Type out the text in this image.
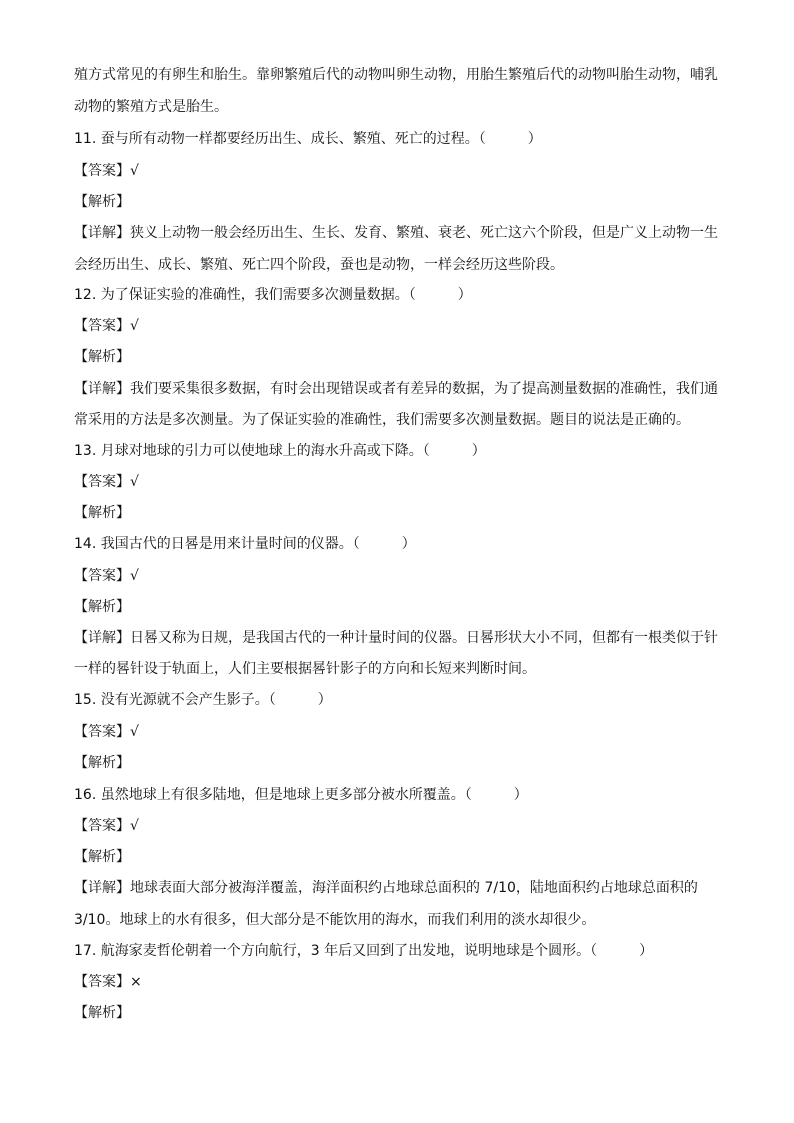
殖方式常见的有卵生和胎生。靠卵繁殖后代的动物叫卵生动物，用胎生繁殖后代的动物叫胎生动物，哺乳
动物的繁殖方式是胎生。
11. 蚕与所有动物一样都要经历出生、成长、繁殖、死亡的过程。（　　　）
【答案】√
【解析】
【详解】狭义上动物一般会经历出生、生长、发育、繁殖、衰老、死亡这六个阶段，但是广义上动物一生
会经历出生、成长、繁殖、死亡四个阶段，蚕也是动物，一样会经历这些阶段。
12. 为了保证实验的准确性，我们需要多次测量数据。（　　　）
【答案】√
【解析】
【详解】我们要采集很多数据，有时会出现错误或者有差异的数据，为了提高测量数据的准确性，我们通
常采用的方法是多次测量。为了保证实验的准确性，我们需要多次测量数据。题目的说法是正确的。
13. 月球对地球的引力可以使地球上的海水升高或下降。（　　　）
【答案】√
【解析】
14. 我国古代的日晷是用来计量时间的仪器。（　　　）
【答案】√
【解析】
【详解】日晷又称为日规，是我国古代的一种计量时间的仪器。日晷形状大小不同，但都有一根类似于针
一样的晷针设于轨面上，人们主要根据晷针影子的方向和长短来判断时间。
15. 没有光源就不会产生影子。（　　　）
【答案】√
【解析】
16. 虽然地球上有很多陆地，但是地球上更多部分被水所覆盖。（　　　）
【答案】√
【解析】
【详解】地球表面大部分被海洋覆盖，海洋面积约占地球总面积的 7/10，陆地面积约占地球总面积的
3/10。地球上的水有很多，但大部分是不能饮用的海水，而我们利用的淡水却很少。
17. 航海家麦哲伦朝着一个方向航行，3 年后又回到了出发地，说明地球是个圆形。（　　　）
【答案】×
【解析】
